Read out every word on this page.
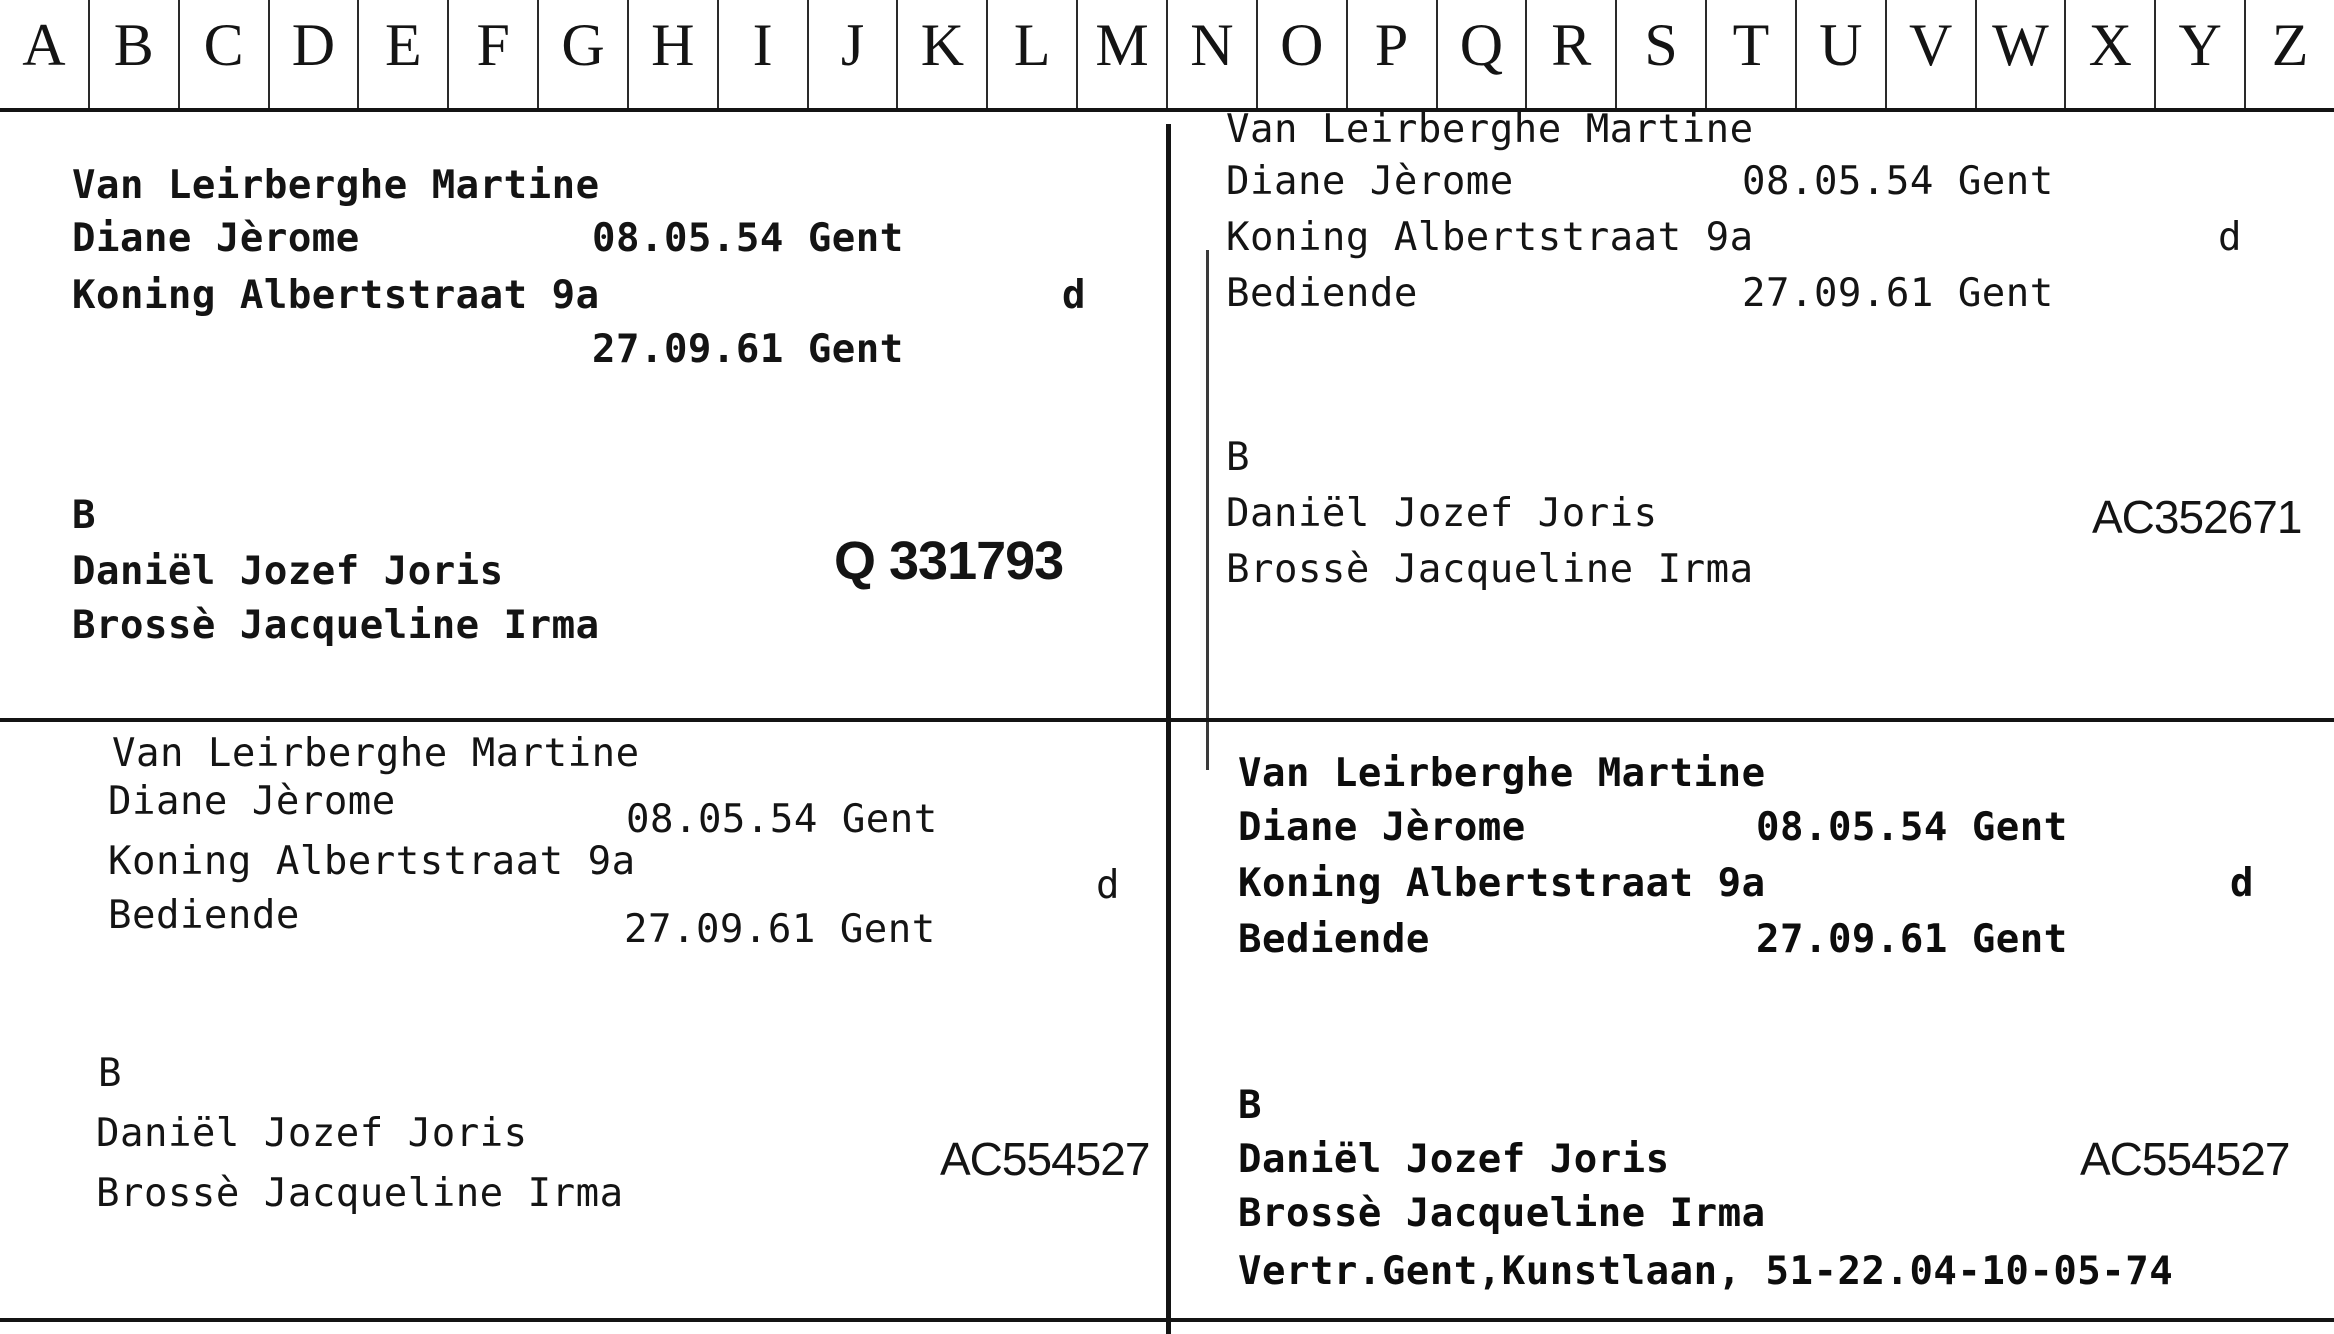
A B C D E F G H I	J K L M N O P Q R S T U V W X Y Z
Van Leirberghe Martine
Diane Jèrome	08.05.54 Gent
Koning Albertstraat 9a	d
27.09.61 Gent
B
Daniël Jozef Joris
Brossè Jacqueline Irma
Q 331793
Van Leirberghe Martine
Diane Jèrome	08.05.54 Gent
Koning Albertstraat 9a	d
Bediende	27.09.61 Gent
B
Daniël Jozef Joris
Brossè Jacqueline Irma
AC352671
Van Leirberghe Martine
Diane Jèrome	08.05.54 Gent
Koning Albertstraat 9a
d
Bediende	27.09.61 Gent
B
Daniël Jozef Joris
Brossè Jacqueline Irma
AC554527
Van Leirberghe Martine
Diane Jèrome	08.05.54 Gent
Koning Albertstraat 9a	d
Bediende	27.09.61 Gent
B
Daniël Jozef Joris
Brossè Jacqueline Irma
Vertr.Gent,Kunstlaan, 51-22.04-10-05-74
AC554527
